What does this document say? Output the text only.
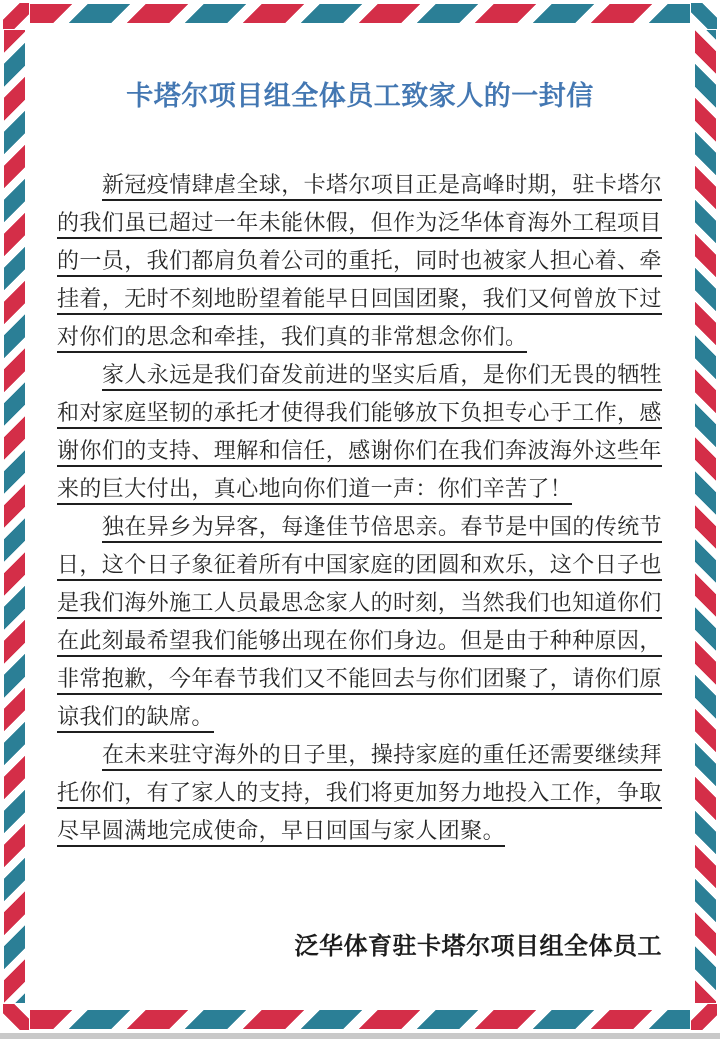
卡塔尔项目组全体员工致家人的一封信
新冠疫情肆虐全球，卡塔尔项目正是高峰时期，驻卡塔尔
的我们虽已超过一年未能休假，但作为泛华体育海外工程项目
的一员，我们都肩负着公司的重托，同时也被家人担心着、牵
挂着，无时不刻地盼望着能早日回国团聚，我们又何曾放下过
对你们的思念和牵挂，我们真的非常想念你们。
家人永远是我们奋发前进的坚实后盾，是你们无畏的牺牲
和对家庭坚韧的承托才使得我们能够放下负担专心于工作，感
谢你们的支持、理解和信任，感谢你们在我们奔波海外这些年
来的巨大付出，真心地向你们道一声：你们辛苦了！
独在异乡为异客，每逢佳节倍思亲。春节是中国的传统节
日，这个日子象征着所有中国家庭的团圆和欢乐，这个日子也
是我们海外施工人员最思念家人的时刻，当然我们也知道你们
在此刻最希望我们能够出现在你们身边。但是由于种种原因，
非常抱歉，今年春节我们又不能回去与你们团聚了，请你们原
谅我们的缺席。
在未来驻守海外的日子里，操持家庭的重任还需要继续拜
托你们，有了家人的支持，我们将更加努力地投入工作，争取
尽早圆满地完成使命，早日回国与家人团聚。
泛华体育驻卡塔尔项目组全体员工
